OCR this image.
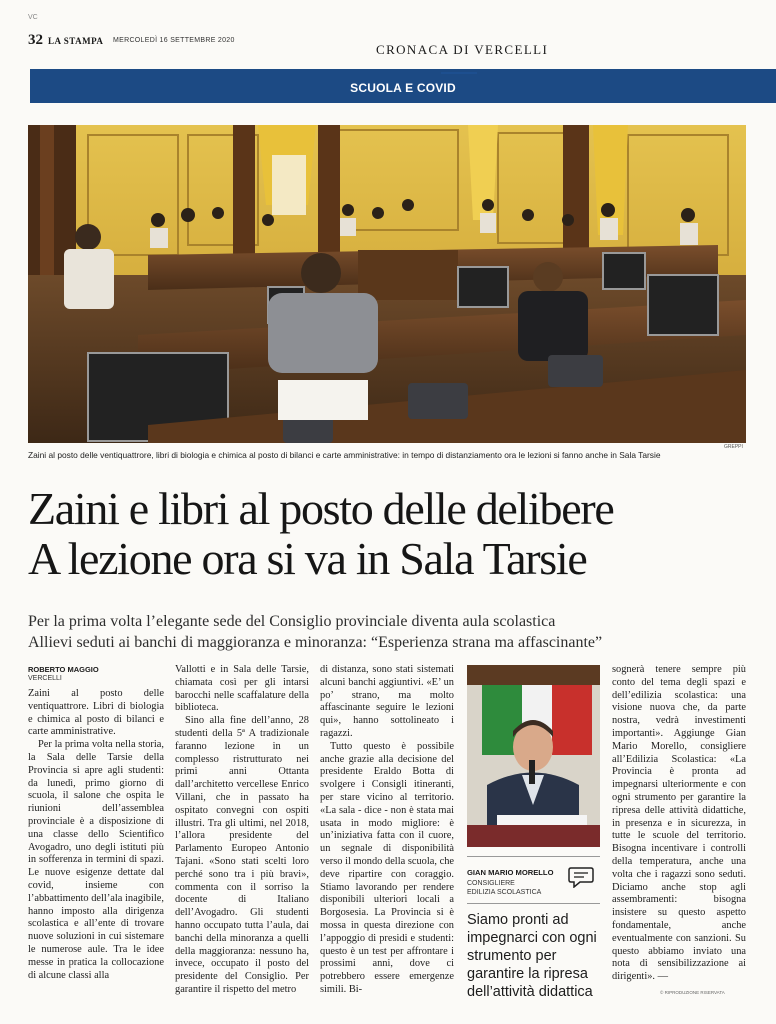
VC
32 LA STAMPA MERCOLEDÌ 16 SETTEMBRE 2020
CRONACA DI VERCELLI
SCUOLA E COVID
GREPPI
Zaini al posto delle ventiquattrore, libri di biologia e chimica al posto di bilanci e carte amministrative: in tempo di distanziamento ora le lezioni si fanno anche in Sala Tarsie
Zaini e libri al posto delle delibere
A lezione ora si va in Sala Tarsie
Per la prima volta l’elegante sede del Consiglio provinciale diventa aula scolastica
Allievi seduti ai banchi di maggioranza e minoranza: “Esperienza strana ma affascinante”
ROBERTO MAGGIO
VERCELLI

Zaini al posto delle ventiquattrore. Libri di biologia e chimica al posto di bilanci e carte amministrative.

Per la prima volta nella storia, la Sala delle Tarsie della Provincia si apre agli studenti: da lunedì, primo giorno di scuola, il salone che ospita le riunioni dell’assemblea provinciale è a disposizione di una classe dello Scientifico Avogadro, uno degli istituti più in sofferenza in termini di spazi. Le nuove esigenze dettate dal covid, insieme con l’abbattimento dell’ala inagibile, hanno imposto alla dirigenza scolastica e all’ente di trovare nuove soluzioni in cui sistemare le numerose aule. Tra le idee messe in pratica la collocazione di alcune classi alla

Vallotti e in Sala delle Tarsie, chiamata così per gli intarsi barocchi nelle scaffalature della biblioteca.

Sino alla fine dell’anno, 28 studenti della 5ª A tradizionale faranno lezione in un complesso ristrutturato nei primi anni Ottanta dall’architetto vercellese Enrico Villani, che in passato ha ospitato convegni con ospiti illustri. Tra gli ultimi, nel 2018, l’allora presidente del Parlamento Europeo Antonio Tajani. «Sono stati scelti loro perché sono tra i più bravi», commenta con il sorriso la docente di Italiano dell’Avogadro. Gli studenti hanno occupato tutta l’aula, dai banchi della minoranza a quelli della maggioranza: nessuno ha, invece, occupato il posto del presidente del Consiglio. Per garantire il rispetto del metro

di distanza, sono stati sistemati alcuni banchi aggiuntivi. «E’ un po’ strano, ma molto affascinante seguire le lezioni qui», hanno sottolineato i ragazzi.

Tutto questo è possibile anche grazie alla decisione del presidente Eraldo Botta di svolgere i Consigli itineranti, per stare vicino al territorio. «La sala - dice - non è stata mai usata in modo migliore: è un’iniziativa fatta con il cuore, un segnale di disponibilità verso il mondo della scuola, che deve ripartire con coraggio. Stiamo lavorando per rendere disponibili ulteriori locali a Borgosesia. La Provincia si è mossa in questa direzione con l’appoggio di presidi e studenti: questo è un test per affrontare i prossimi anni, dove ci potrebbero essere emergenze simili. Bi-

GIAN MARIO MORELLO
CONSIGLIERE
EDILIZIA SCOLASTICA
Siamo pronti ad impegnarci con ogni strumento per garantire la ripresa dell’attività didattica

sognerà tenere sempre più conto del tema degli spazi e dell’edilizia scolastica: una visione nuova che, da parte nostra, vedrà investimenti importanti». Aggiunge Gian Mario Morello, consigliere all’Edilizia Scolastica: «La Provincia è pronta ad impegnarsi ulteriormente e con ogni strumento per garantire la ripresa delle attività didattiche, in presenza e in sicurezza, in tutte le scuole del territorio. Bisogna incentivare i controlli della temperatura, anche una volta che i ragazzi sono seduti. Diciamo anche stop agli assembramenti: bisogna insistere su questo aspetto fondamentale, anche eventualmente con sanzioni. Su questo abbiamo inviato una nota di sensibilizzazione ai dirigenti». —

© RIPRODUZIONE RISERVATA
